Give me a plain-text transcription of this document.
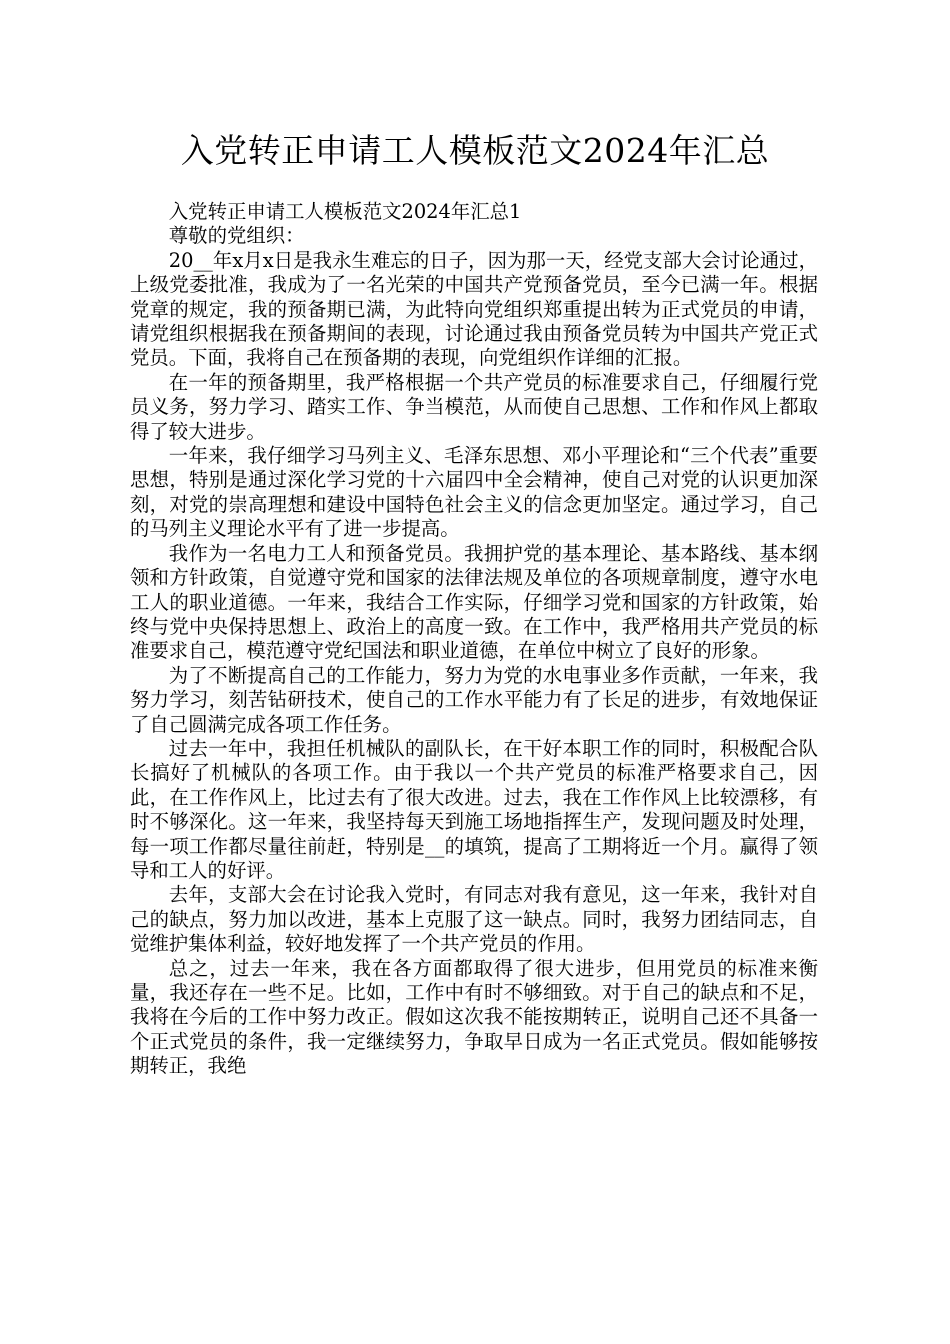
入党转正申请工人模板范文2024年汇总

入党转正申请工人模板范文2024年汇总1

尊敬的党组织：

20__年x月x日是我永生难忘的日子，因为那一天，经党支部大会讨论通过，上级党委批准，我成为了一名光荣的中国共产党预备党员，至今已满一年。根据党章的规定，我的预备期已满，为此特向党组织郑重提出转为正式党员的申请，请党组织根据我在预备期间的表现，讨论通过我由预备党员转为中国共产党正式党员。下面，我将自己在预备期的表现，向党组织作详细的汇报。

在一年的预备期里，我严格根据一个共产党员的标准要求自己，仔细履行党员义务，努力学习、踏实工作、争当模范，从而使自己思想、工作和作风上都取得了较大进步。

一年来，我仔细学习马列主义、毛泽东思想、邓小平理论和“三个代表”重要思想，特别是通过深化学习党的十六届四中全会精神，使自己对党的认识更加深刻，对党的崇高理想和建设中国特色社会主义的信念更加坚定。通过学习，自己的马列主义理论水平有了进一步提高。

我作为一名电力工人和预备党员。我拥护党的基本理论、基本路线、基本纲领和方针政策，自觉遵守党和国家的法律法规及单位的各项规章制度，遵守水电工人的职业道德。一年来，我结合工作实际，仔细学习党和国家的方针政策，始终与党中央保持思想上、政治上的高度一致。在工作中，我严格用共产党员的标准要求自己，模范遵守党纪国法和职业道德，在单位中树立了良好的形象。

为了不断提高自己的工作能力，努力为党的水电事业多作贡献，一年来，我努力学习，刻苦钻研技术，使自己的工作水平能力有了长足的进步，有效地保证了自己圆满完成各项工作任务。

过去一年中，我担任机械队的副队长，在干好本职工作的同时，积极配合队长搞好了机械队的各项工作。由于我以一个共产党员的标准严格要求自己，因此，在工作作风上，比过去有了很大改进。过去，我在工作作风上比较漂移，有时不够深化。这一年来，我坚持每天到施工场地指挥生产，发现问题及时处理，每一项工作都尽量往前赶，特别是__的填筑，提高了工期将近一个月。赢得了领导和工人的好评。

去年，支部大会在讨论我入党时，有同志对我有意见，这一年来，我针对自己的缺点，努力加以改进，基本上克服了这一缺点。同时，我努力团结同志，自觉维护集体利益，较好地发挥了一个共产党员的作用。

总之，过去一年来，我在各方面都取得了很大进步，但用党员的标准来衡量，我还存在一些不足。比如，工作中有时不够细致。对于自己的缺点和不足，我将在今后的工作中努力改正。假如这次我不能按期转正，说明自己还不具备一个正式党员的条件，我一定继续努力，争取早日成为一名正式党员。假如能够按期转正，我绝
